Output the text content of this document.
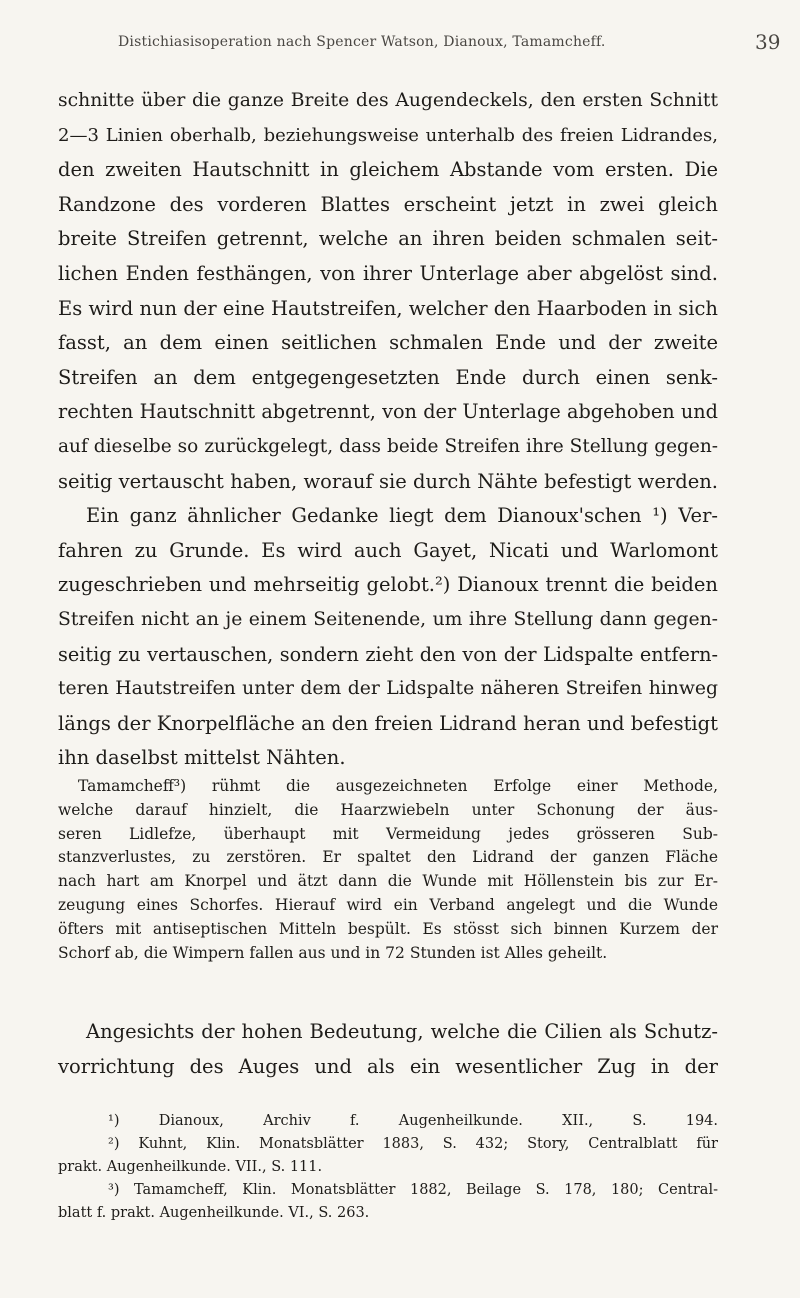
Distichiasisoperation nach Spencer Watson, Dianoux, Tamamcheff.	39
schnitte über die ganze Breite des Augendeckels, den ersten Schnitt
2—3 Linien oberhalb, beziehungsweise unterhalb des freien Lidrandes,
den zweiten Hautschnitt in gleichem Abstande vom ersten. Die
Randzone des vorderen Blattes erscheint jetzt in zwei gleich
breite Streifen getrennt, welche an ihren beiden schmalen seit-
lichen Enden festhängen, von ihrer Unterlage aber abgelöst sind.
Es wird nun der eine Hautstreifen, welcher den Haarboden in sich
fasst, an dem einen seitlichen schmalen Ende und der zweite
Streifen an dem entgegengesetzten Ende durch einen senk-
rechten Hautschnitt abgetrennt, von der Unterlage abgehoben und
auf dieselbe so zurückgelegt, dass beide Streifen ihre Stellung gegen-
seitig vertauscht haben, worauf sie durch Nähte befestigt werden.
Ein ganz ähnlicher Gedanke liegt dem Dianoux'schen ¹) Ver-
fahren zu Grunde. Es wird auch Gayet, Nicati und Warlomont
zugeschrieben und mehrseitig gelobt.²) Dianoux trennt die beiden
Streifen nicht an je einem Seitenende, um ihre Stellung dann gegen-
seitig zu vertauschen, sondern zieht den von der Lidspalte entfern-
teren Hautstreifen unter dem der Lidspalte näheren Streifen hinweg
längs der Knorpelfläche an den freien Lidrand heran und befestigt
ihn daselbst mittelst Nähten.
Tamamcheff³) rühmt die ausgezeichneten Erfolge einer Methode,
welche darauf hinzielt, die Haarzwiebeln unter Schonung der äus-
seren Lidlefze, überhaupt mit Vermeidung jedes grösseren Sub-
stanzverlustes, zu zerstören. Er spaltet den Lidrand der ganzen Fläche
nach hart am Knorpel und ätzt dann die Wunde mit Höllenstein bis zur Er-
zeugung eines Schorfes. Hierauf wird ein Verband angelegt und die Wunde
öfters mit antiseptischen Mitteln bespült. Es stösst sich binnen Kurzem der
Schorf ab, die Wimpern fallen aus und in 72 Stunden ist Alles geheilt.
Angesichts der hohen Bedeutung, welche die Cilien als Schutz-
vorrichtung des Auges und als ein wesentlicher Zug in der
¹) Dianoux, Archiv f. Augenheilkunde. XII., S. 194.
²) Kuhnt, Klin. Monatsblätter 1883, S. 432; Story, Centralblatt für
prakt. Augenheilkunde. VII., S. 111.
³) Tamamcheff, Klin. Monatsblätter 1882, Beilage S. 178, 180; Central-
blatt f. prakt. Augenheilkunde. VI., S. 263.
